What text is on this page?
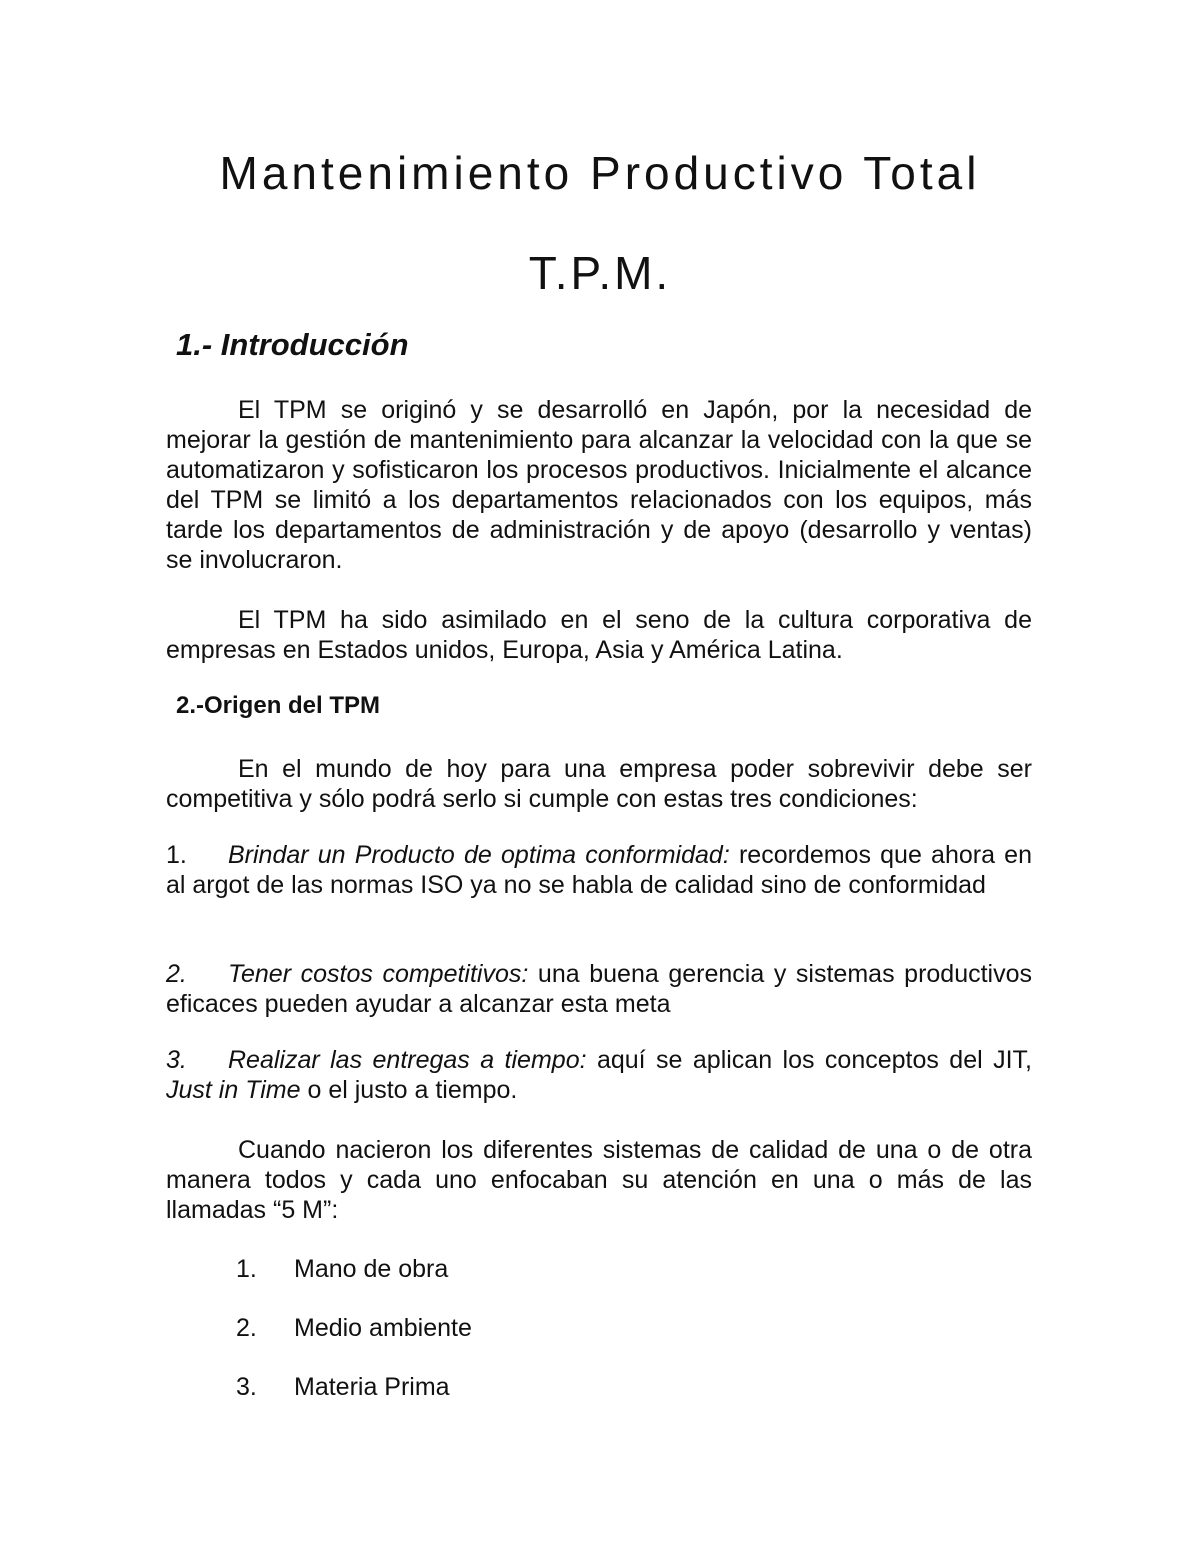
Mantenimiento Productivo Total
T.P.M.
1.- Introducción

El TPM se originó y se desarrolló en Japón, por la necesidad de mejorar la gestión de mantenimiento para alcanzar la velocidad con la que se automatizaron y sofisticaron los procesos productivos. Inicialmente el alcance del TPM se limitó a los departamentos relacionados con los equipos, más tarde los departamentos de administración y de apoyo (desarrollo y ventas) se involucraron.

El TPM ha sido asimilado en el seno de la cultura corporativa de empresas en Estados unidos, Europa, Asia y América Latina.

2.-Origen del TPM

En el mundo de hoy para una empresa poder sobrevivir debe ser competitiva y sólo podrá serlo si cumple con estas tres condiciones:

1. Brindar un Producto de optima conformidad: recordemos que ahora en al argot de las normas ISO ya no se habla de calidad sino de conformidad

2. Tener costos competitivos: una buena gerencia y sistemas productivos eficaces pueden ayudar a alcanzar esta meta

3. Realizar las entregas a tiempo: aquí se aplican los conceptos del JIT, Just in Time o el justo a tiempo.

Cuando nacieron los diferentes sistemas de calidad de una o de otra manera todos y cada uno enfocaban su atención en una o más de las llamadas “5 M”:

1. Mano de obra
2. Medio ambiente
3. Materia Prima
